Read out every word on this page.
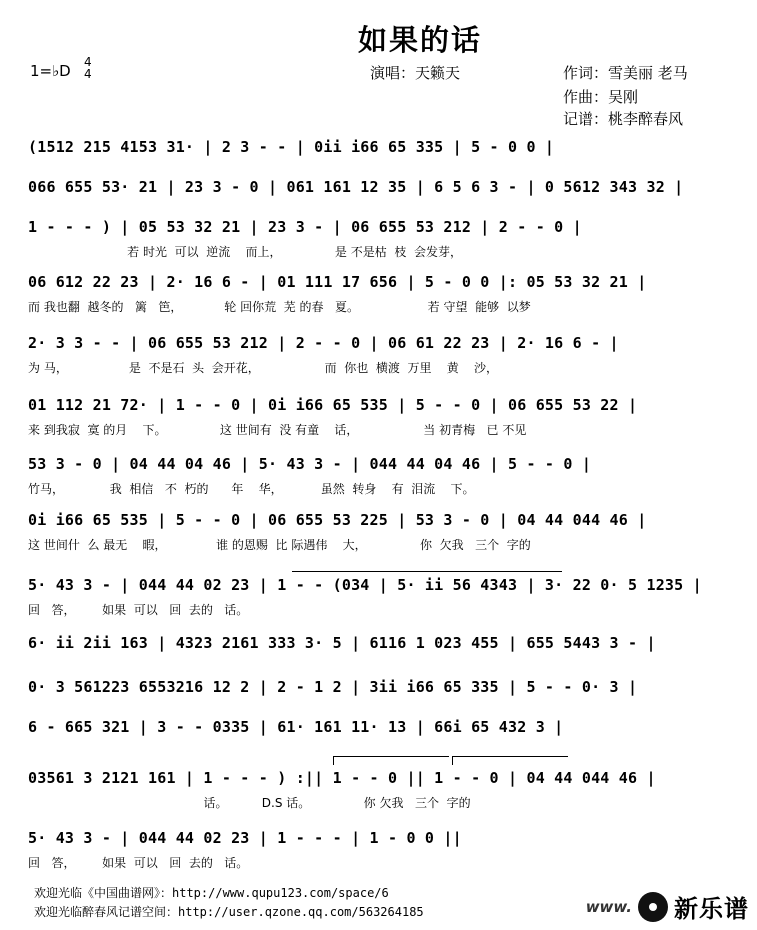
如果的话
1=♭D 4
4	演唱：天籁天	作词：雪美丽 老马
作曲：吴刚
记谱：桃李醉春风
(1512 215 4153 31· | 2 3 - - | 0ii i66 65 335 | 5 - 0 0 |
066 655 53· 21 | 23 3 - 0 | 061 161 12 35 | 6 5 6 3 - | 0 5612 343 32 |
1 - - - ) | 05 53 32 21 | 23 3 - | 06 655 53 212 | 2 - - 0 |
若 时光  可以  逆流    而上，              是 不是枯  枝  会发芽，
06 612 22 23 | 2· 16 6 - | 01 111 17 656 | 5 - 0 0 |: 05 53 32 21 |
而 我也翻  越冬的   篱   笆，           轮 回你荒  芜 的春   夏。                  若 守望  能够  以梦
2· 3 3 - - | 06 655 53 212 | 2 - - 0 | 06 61 22 23 | 2· 16 6 - |
为 马，                是  不是石  头  会开花，                 而  你也  横渡  万里    黄    沙，
01 112 21 72· | 1 - - 0 | 0i i66 65 535 | 5 - - 0 | 06 655 53 22 |
来 到我寂  寞 的月    下。              这 世间有  没 有童    话，                 当 初青梅   已 不见
53 3 - 0 | 04 44 04 46 | 5· 43 3 - | 044 44 04 46 | 5 - - 0 |
竹马，            我  相信   不  朽的      年    华，          虽然  转身    有  泪流    下。
0i i66 65 535 | 5 - - 0 | 06 655 53 225 | 53 3 - 0 | 04 44 044 46 |
这 世间什  么 最无    暇，             谁 的恩赐  比 际遇伟    大，              你  欠我   三个  字的
5· 43 3 - | 044 44 02 23 | 1 - - (034 | 5· ii 56 4343 | 3· 22 0· 5 1235 |
回   答，       如果  可以   回  去的   话。
6· ii 2ii 163 | 4323 2161 333 3· 5 | 6116 1 023 455 | 655 5443 3 - |
0· 3 561223 6553216 12 2 | 2 - 1 2 | 3ii i66 65 335 | 5 - - 0· 3 |
6 - 665 321 | 3 - - 0335 | 61· 161 11· 13 | 66i 65 432 3 |
03561 3 2121 161 | 1 - - - ) :|| 1 - - 0 || 1 - - 0 | 04 44 044 46 |
话。         D.S 话。              你 欠我   三个  字的
5· 43 3 - | 044 44 02 23 | 1 - - - | 1 - 0 0 ||
回   答，       如果  可以   回  去的   话。
欢迎光临《中国曲谱网》：http://www.qupu123.com/space/6
欢迎光临醉春风记谱空间：http://user.qzone.qq.com/563264185	www. 新乐谱
